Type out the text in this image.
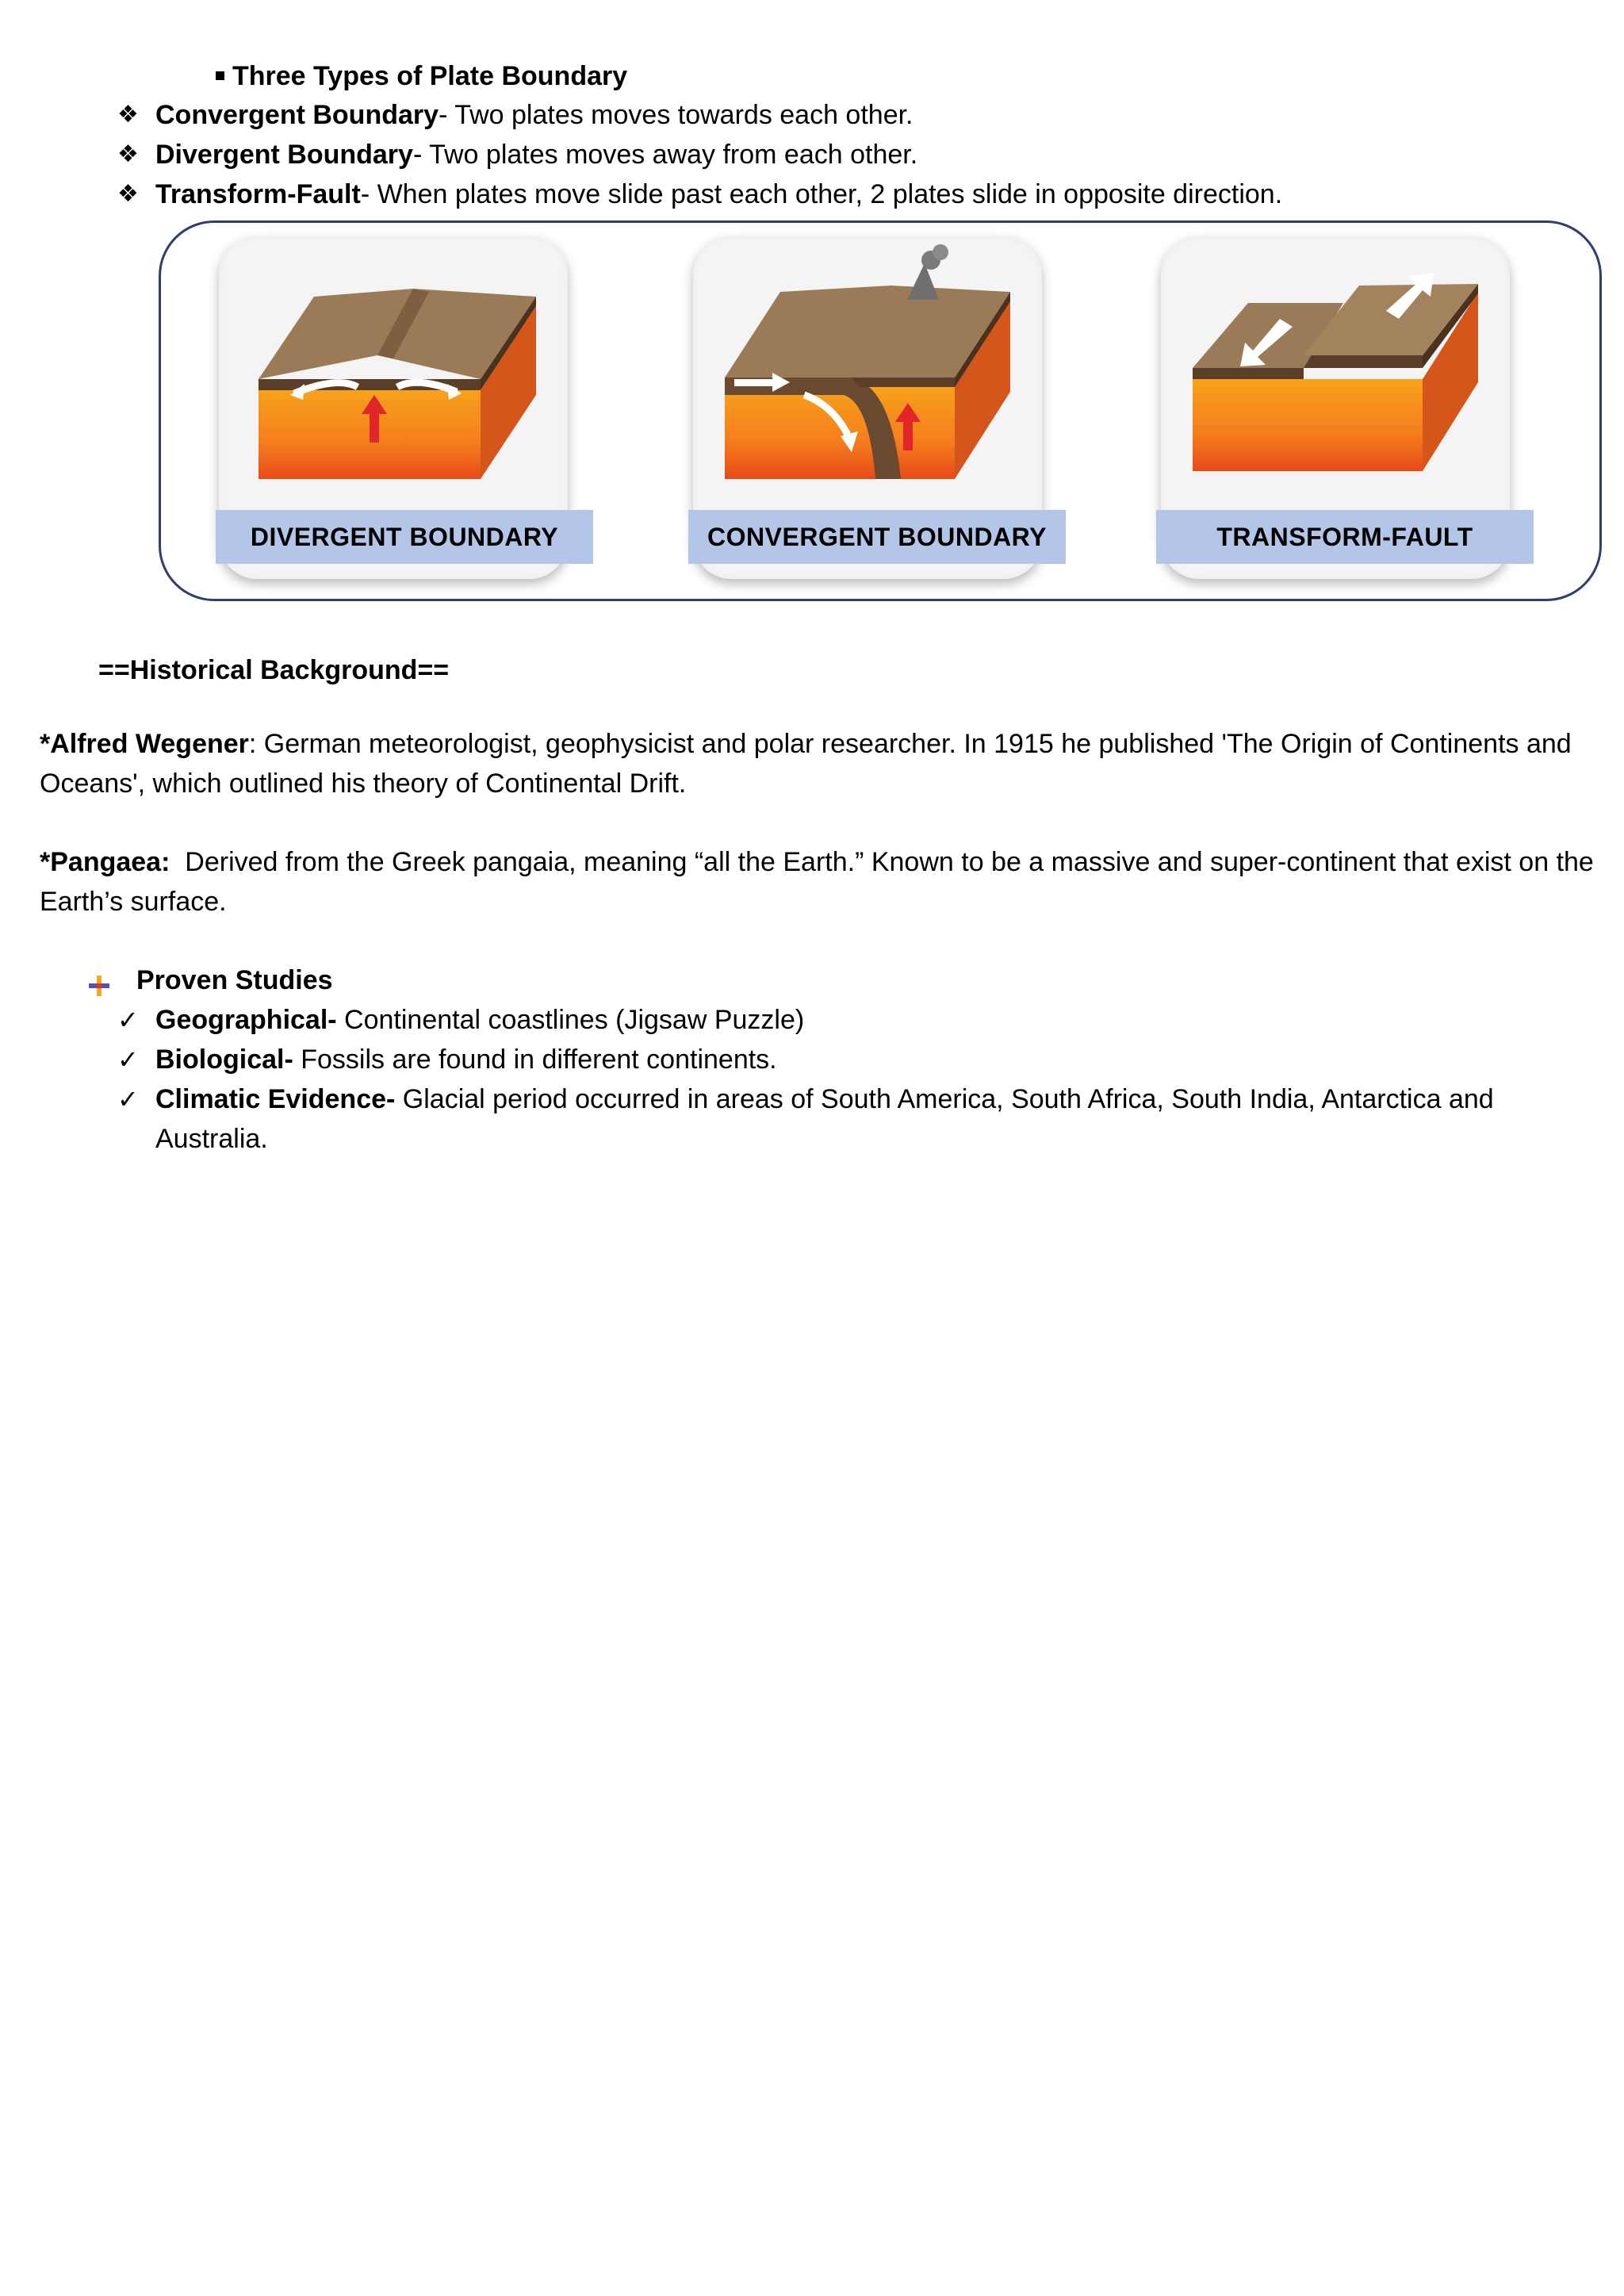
Three Types of Plate Boundary
❖ Convergent Boundary- Two plates moves towards each other.
❖ Divergent Boundary- Two plates moves away from each other.
❖ Transform-Fault- When plates move slide past each other, 2 plates slide in opposite direction.
DIVERGENT BOUNDARY	CONVERGENT BOUNDARY	TRANSFORM-FAULT
==Historical Background==
*Alfred Wegener: German meteorologist, geophysicist and polar researcher. In 1915 he published 'The Origin of Continents and Oceans', which outlined his theory of Continental Drift.
*Pangaea:  Derived from the Greek pangaia, meaning “all the Earth.” Known to be a massive and super-continent that exist on the Earth’s surface.
Proven Studies
✓ Geographical- Continental coastlines (Jigsaw Puzzle)
✓ Biological- Fossils are found in different continents.
✓ Climatic Evidence- Glacial period occurred in areas of South America, South Africa, South India, Antarctica and Australia.
